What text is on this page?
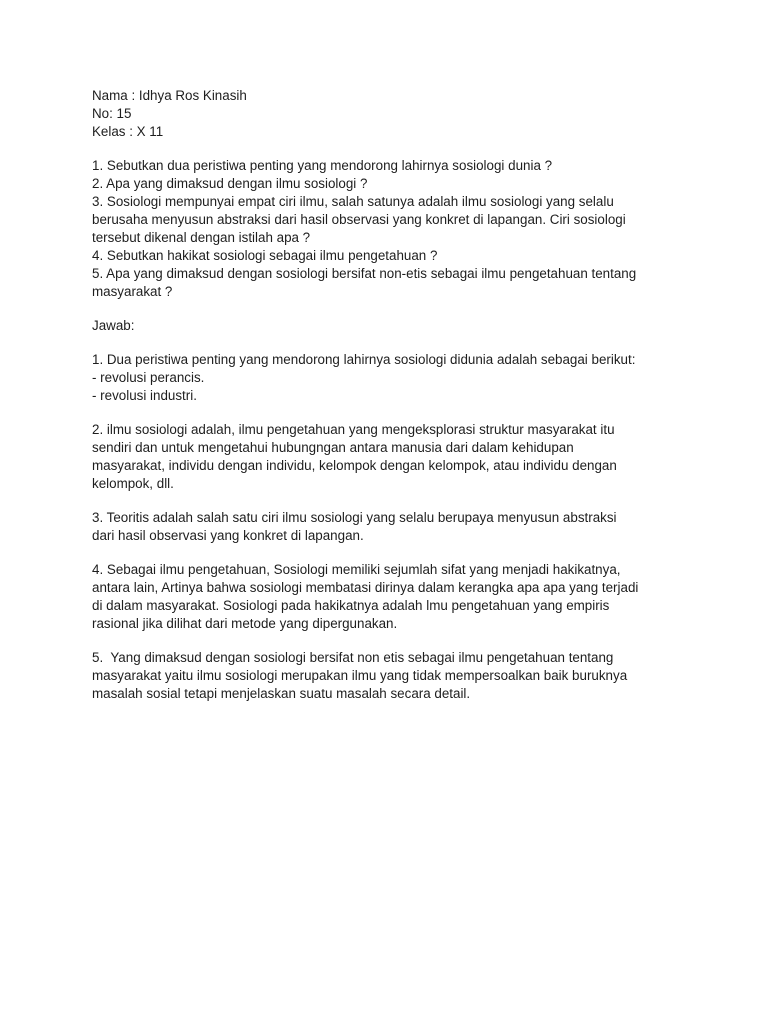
Nama : Idhya Ros Kinasih
No: 15
Kelas : X 11
1. Sebutkan dua peristiwa penting yang mendorong lahirnya sosiologi dunia ?
2. Apa yang dimaksud dengan ilmu sosiologi ?
3. Sosiologi mempunyai empat ciri ilmu, salah satunya adalah ilmu sosiologi yang selalu
berusaha menyusun abstraksi dari hasil observasi yang konkret di lapangan. Ciri sosiologi
tersebut dikenal dengan istilah apa ?
4. Sebutkan hakikat sosiologi sebagai ilmu pengetahuan ?
5. Apa yang dimaksud dengan sosiologi bersifat non-etis sebagai ilmu pengetahuan tentang
masyarakat ?
Jawab:
1. Dua peristiwa penting yang mendorong lahirnya sosiologi didunia adalah sebagai berikut:
- revolusi perancis.
- revolusi industri.
2. ilmu sosiologi adalah, ilmu pengetahuan yang mengeksplorasi struktur masyarakat itu
sendiri dan untuk mengetahui hubungngan antara manusia dari dalam kehidupan
masyarakat, individu dengan individu, kelompok dengan kelompok, atau individu dengan
kelompok, dll.
3. Teoritis adalah salah satu ciri ilmu sosiologi yang selalu berupaya menyusun abstraksi
dari hasil observasi yang konkret di lapangan.
4. Sebagai ilmu pengetahuan, Sosiologi memiliki sejumlah sifat yang menjadi hakikatnya,
antara lain, Artinya bahwa sosiologi membatasi dirinya dalam kerangka apa apa yang terjadi
di dalam masyarakat. Sosiologi pada hakikatnya adalah lmu pengetahuan yang empiris
rasional jika dilihat dari metode yang dipergunakan.
5.  Yang dimaksud dengan sosiologi bersifat non etis sebagai ilmu pengetahuan tentang
masyarakat yaitu ilmu sosiologi merupakan ilmu yang tidak mempersoalkan baik buruknya
masalah sosial tetapi menjelaskan suatu masalah secara detail.
